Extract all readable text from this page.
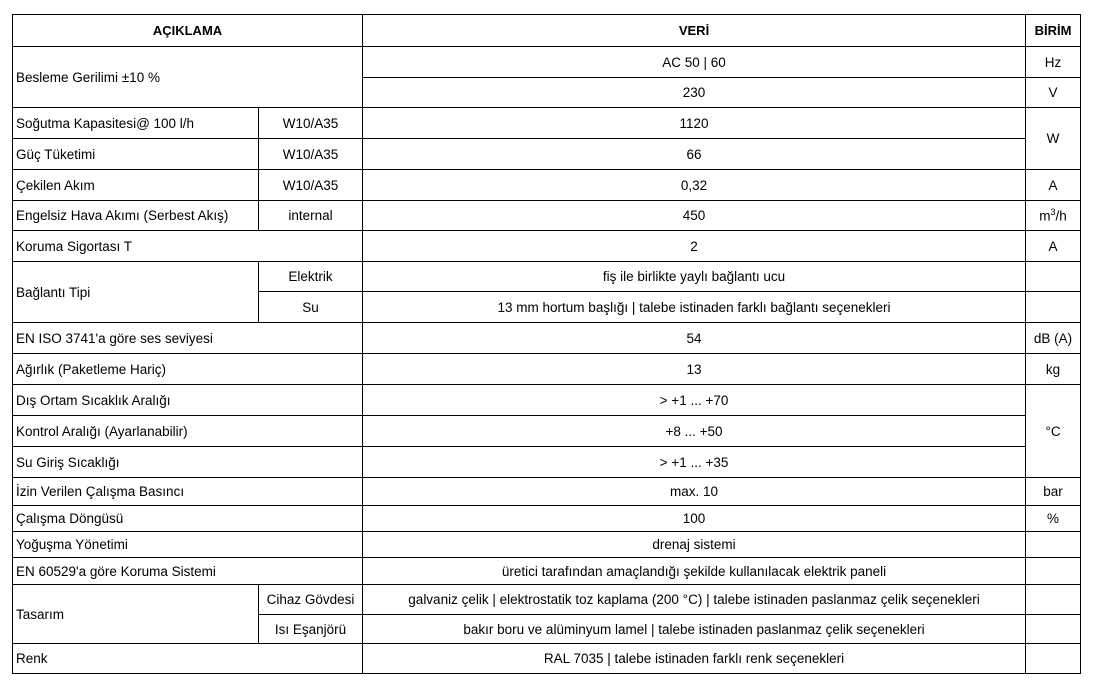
AÇIKLAMA		VERİ	BİRİM
Besleme Gerilimi ±10 %		AC 50 | 60	Hz
		230	V
Soğutma Kapasitesi@ 100 l/h	W10/A35	1120	W
Güç Tüketimi	W10/A35	66	
Çekilen Akım	W10/A35	0,32	A
Engelsiz Hava Akımı (Serbest Akış)	internal	450	$m^3/h$
Koruma Sigortası T		2	A
Bağlantı Tipi	Elektrik	fiş ile birlikte yaylı bağlantı ucu	
	Su	13 mm hortum başlığı | talebe istinaden farklı bağlantı seçenekleri	
EN ISO 3741'a göre ses seviyesi		54	dB (A)
Ağırlık (Paketleme Hariç)		13	kg
Dış Ortam Sıcaklık Aralığı		> +1 ... +70	°C
Kontrol Aralığı (Ayarlanabilir)		+8 ... +50	
Su Giriş Sıcaklığı		> +1 ... +35	
İzin Verilen Çalışma Basıncı		max. 10	bar
Çalışma Döngüsü		100	%
Yoğuşma Yönetimi		drenaj sistemi	
EN 60529'a göre Koruma Sistemi		üretici tarafından amaçlandığı şekilde kullanılacak elektrik paneli	
Tasarım	Cihaz Gövdesi	galvaniz çelik | elektrostatik toz kaplama (200 °C) | talebe istinaden paslanmaz çelik seçenekleri	
	Isı Eşanjörü	bakır boru ve alüminyum lamel | talebe istinaden paslanmaz çelik seçenekleri	
Renk		RAL 7035 | talebe istinaden farklı renk seçenekleri	
